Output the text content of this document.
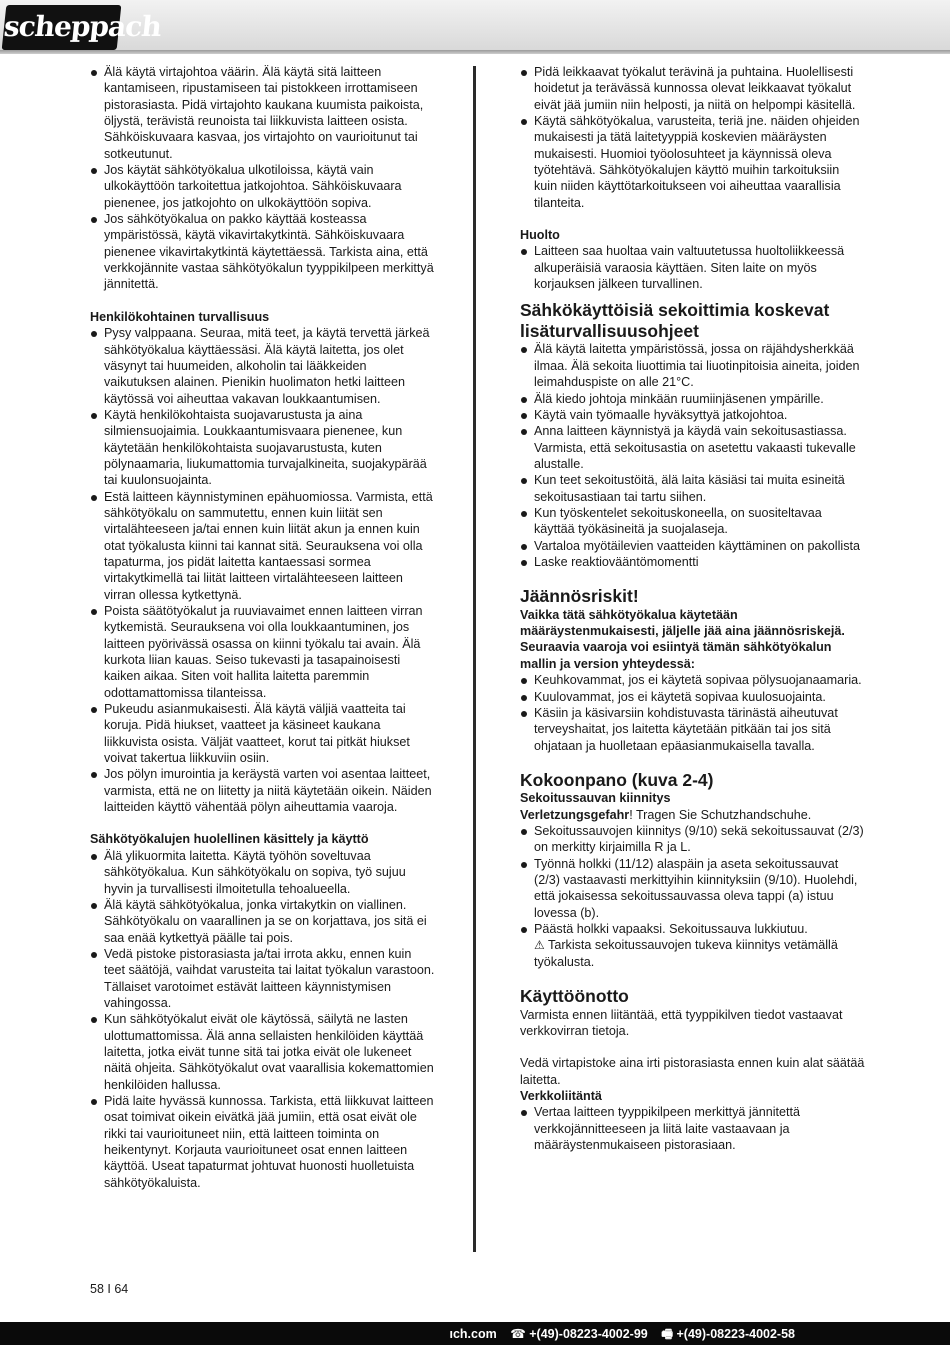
scheppach
Älä käytä virtajohtoa väärin. Älä käytä sitä laitteen kantamiseen, ripustamiseen tai pistokkeen irrottamiseen pistorasiasta. Pidä virtajohto kaukana kuumista paikoista, öljystä, terävistä reunoista tai liikkuvista laitteen osista. Sähköiskuvaara kasvaa, jos virtajohto on vaurioitunut tai sotkeutunut.
Jos käytät sähkötyökalua ulkotiloissa, käytä vain ulkokäyttöön tarkoitettua jatkojohtoa. Sähköiskuvaara pienenee, jos jatkojohto on ulkokäyttöön sopiva.
Jos sähkötyökalua on pakko käyttää kosteassa ympäristössä, käytä vikavirtakytkintä. Sähköiskuvaara pienenee vikavirtakytkintä käytettäessä. Tarkista aina, että verkkojännite vastaa sähkötyökalun tyyppikilpeen merkittyä jännitettä.

Henkilökohtainen turvallisuus

Pysy valppaana. Seuraa, mitä teet, ja käytä tervettä järkeä sähkötyökalua käyttäessäsi. Älä käytä laitetta, jos olet väsynyt tai huumeiden, alkoholin tai lääkkeiden vaikutuksen alainen. Pienikin huolimaton hetki laitteen käytössä voi aiheuttaa vakavan loukkaantumisen.
Käytä henkilökohtaista suojavarustusta ja aina silmiensuojaimia. Loukkaantumisvaara pienenee, kun käytetään henkilökohtaista suojavarustusta, kuten pölynaamaria, liukumattomia turvajalkineita, suojakypärää tai kuulonsuojainta.
Estä laitteen käynnistyminen epähuomiossa. Varmista, että sähkötyökalu on sammutettu, ennen kuin liität sen virtalähteeseen ja/tai ennen kuin liität akun ja ennen kuin otat työkalusta kiinni tai kannat sitä. Seurauksena voi olla tapaturma, jos pidät laitetta kantaessasi sormea virtakytkimellä tai liität laitteen virtalähteeseen laitteen virran ollessa kytkettynä.
Poista säätötyökalut ja ruuviavaimet ennen laitteen virran kytkemistä. Seurauksena voi olla loukkaantuminen, jos laitteen pyörivässä osassa on kiinni työkalu tai avain. Älä kurkota liian kauas. Seiso tukevasti ja tasapainoisesti kaiken aikaa. Siten voit hallita laitetta paremmin odottamattomissa tilanteissa.
Pukeudu asianmukaisesti. Älä käytä väljiä vaatteita tai koruja. Pidä hiukset, vaatteet ja käsineet kaukana liikkuvista osista. Väljät vaatteet, korut tai pitkät hiukset voivat takertua liikkuviin osiin.
Jos pölyn imurointia ja keräystä varten voi asentaa laitteet, varmista, että ne on liitetty ja niitä käytetään oikein. Näiden laitteiden käyttö vähentää pölyn aiheuttamia vaaroja.

Sähkötyökalujen huolellinen käsittely ja käyttö

Älä ylikuormita laitetta. Käytä työhön soveltuvaa sähkötyökalua. Kun sähkötyökalu on sopiva, työ sujuu hyvin ja turvallisesti ilmoitetulla tehoalueella.
Älä käytä sähkötyökalua, jonka virtakytkin on viallinen. Sähkötyökalu on vaarallinen ja se on korjattava, jos sitä ei saa enää kytkettyä päälle tai pois.
Vedä pistoke pistorasiasta ja/tai irrota akku, ennen kuin teet säätöjä, vaihdat varusteita tai laitat työkalun varastoon. Tällaiset varotoimet estävät laitteen käynnistymisen vahingossa.
Kun sähkötyökalut eivät ole käytössä, säilytä ne lasten ulottumattomissa. Älä anna sellaisten henkilöiden käyttää laitetta, jotka eivät tunne sitä tai jotka eivät ole lukeneet näitä ohjeita. Sähkötyökalut ovat vaarallisia kokemattomien henkilöiden hallussa.
Pidä laite hyvässä kunnossa. Tarkista, että liikkuvat laitteen osat toimivat oikein eivätkä jää jumiin, että osat eivät ole rikki tai vaurioituneet niin, että laitteen toiminta on heikentynyt. Korjauta vaurioituneet osat ennen laitteen käyttöä. Useat tapaturmat johtuvat huonosti huolletuista sähkötyökaluista.
Pidä leikkaavat työkalut terävinä ja puhtaina. Huolellisesti hoidetut ja terävässä kunnossa olevat leikkaavat työkalut eivät jää jumiin niin helposti, ja niitä on helpompi käsitellä.
Käytä sähkötyökalua, varusteita, teriä jne. näiden ohjeiden mukaisesti ja tätä laitetyyppiä koskevien määräysten mukaisesti. Huomioi työolosuhteet ja käynnissä oleva työtehtävä. Sähkötyökalujen käyttö muihin tarkoituksiin kuin niiden käyttötarkoitukseen voi aiheuttaa vaarallisia tilanteita.

Huolto

Laitteen saa huoltaa vain valtuutetussa huoltoliikkeessä alkuperäisiä varaosia käyttäen. Siten laite on myös korjauksen jälkeen turvallinen.

Sähkökäyttöisiä sekoittimia koskevat lisäturvallisuusohjeet

Älä käytä laitetta ympäristössä, jossa on räjähdysherkkää ilmaa. Älä sekoita liuottimia tai liuotinpitoisia aineita, joiden leimahduspiste on alle 21°C.
Älä kiedo johtoja minkään ruumiinjäsenen ympärille.
Käytä vain työmaalle hyväksyttyä jatkojohtoa.
Anna laitteen käynnistyä ja käydä vain sekoitusastiassa. Varmista, että sekoitusastia on asetettu vakaasti tukevalle alustalle.
Kun teet sekoitustöitä, älä laita käsiäsi tai muita esineitä sekoitusastiaan tai tartu siihen.
Kun työskentelet sekoituskoneella, on suositeltavaa käyttää työkäsineitä ja suojalaseja.
Vartaloa myötäilevien vaatteiden käyttäminen on pakollista
Laske reaktiovääntömomentti

Jäännösriskit!

Vaikka tätä sähkötyökalua käytetään määräystenmukaisesti, jäljelle jää aina jäännösriskejä. Seuraavia vaaroja voi esiintyä tämän sähkötyökalun mallin ja version yhteydessä:

Keuhkovammat, jos ei käytetä sopivaa pölysuojanaamaria.
Kuulovammat, jos ei käytetä sopivaa kuulosuojainta.
Käsiin ja käsivarsiin kohdistuvasta tärinästä aiheutuvat terveyshaitat, jos laitetta käytetään pitkään tai jos sitä ohjataan ja huolletaan epäasianmukaisella tavalla.

Kokoonpano (kuva 2-4)

Sekoitussauvan kiinnitys

Verletzungsgefahr! Tragen Sie Schutzhandschuhe.

Sekoitussauvojen kiinnitys (9/10) sekä sekoitussauvat (2/3) on merkitty kirjaimilla R ja L.
Työnnä holkki (11/12) alaspäin ja aseta sekoitussauvat (2/3) vastaavasti merkittyihin kiinnityksiin (9/10). Huolehdi, että jokaisessa sekoitussauvassa oleva tappi (a) istuu lovessa (b).
Päästä holkki vapaaksi. Sekoitussauva lukkiutuu.

⚠ Tarkista sekoitussauvojen tukeva kiinnitys vetämällä työkalusta.

Käyttöönotto

Varmista ennen liitäntää, että tyyppikilven tiedot vastaavat verkkovirran tietoja.

Vedä virtapistoke aina irti pistorasiasta ennen kuin alat säätää laitetta.

Verkkoliitäntä

Vertaa laitteen tyyppikilpeen merkittyä jännitettä verkkojännitteeseen ja liitä laite vastaavaan ja määräystenmukaiseen pistorasiaan.
58 I 64
ıch.com ☎ +(49)-08223-4002-99 🖷 +(49)-08223-4002-58
